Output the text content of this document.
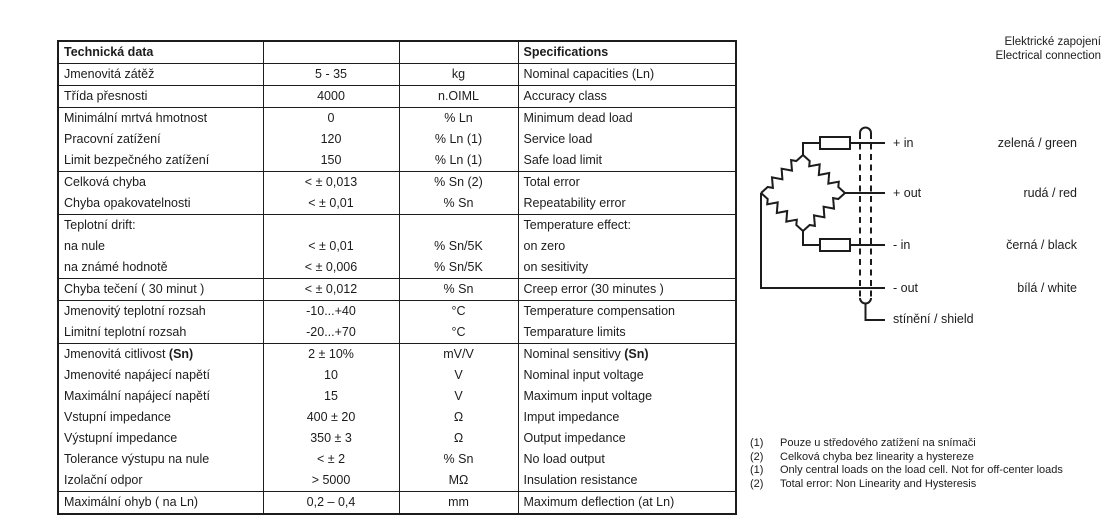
Technická data			Specifications
Jmenovitá zátěž	5 - 35	kg	Nominal capacities (Ln)
Třída přesnosti	4000	n.OIML	Accuracy class
Minimální mrtvá hmotnost	0	% Ln	Minimum dead load
Pracovní zatížení	120	% Ln (1)	Service load
Limit bezpečného zatížení	150	% Ln (1)	Safe load limit
Celková chyba	< ± 0,013	% Sn (2)	Total error
Chyba opakovatelnosti	< ± 0,01	% Sn	Repeatability error
Teplotní drift:			Temperature effect:
na nule	< ± 0,01	% Sn/5K	on zero
na známé hodnotě	< ± 0,006	% Sn/5K	on sesitivity
Chyba tečení ( 30 minut )	< ± 0,012	% Sn	Creep error (30 minutes )
Jmenovitý teplotní rozsah	-10...+40	°C	Temperature compensation
Limitní teplotní rozsah	-20...+70	°C	Temparature limits
Jmenovitá citlivost (Sn)	2 ± 10%	mV/V	Nominal sensitivy (Sn)
Jmenovité napájecí napětí	10	V	Nominal input voltage
Maximální napájecí napětí	15	V	Maximum input voltage
Vstupní impedance	400 ± 20	Ω	Imput impedance
Výstupní impedance	350 ± 3	Ω	Output impedance
Tolerance výstupu na nule	< ± 2	% Sn	No load output
Izolační odpor	> 5000	MΩ	Insulation resistance
Maximální ohyb ( na Ln)	0,2 – 0,4	mm	Maximum deflection (at Ln)
Elektrické zapojení
Electrical connection
+ in
+ out
- in
- out
stínění / shield
zelená / green
rudá / red
černá / black
bílá / white
(1)	Pouze u středového zatížení na snímači
(2)	Celková chyba bez linearity a hystereze
(1)	Only central loads on the load cell. Not for off-center loads
(2)	Total error: Non Linearity and Hysteresis
